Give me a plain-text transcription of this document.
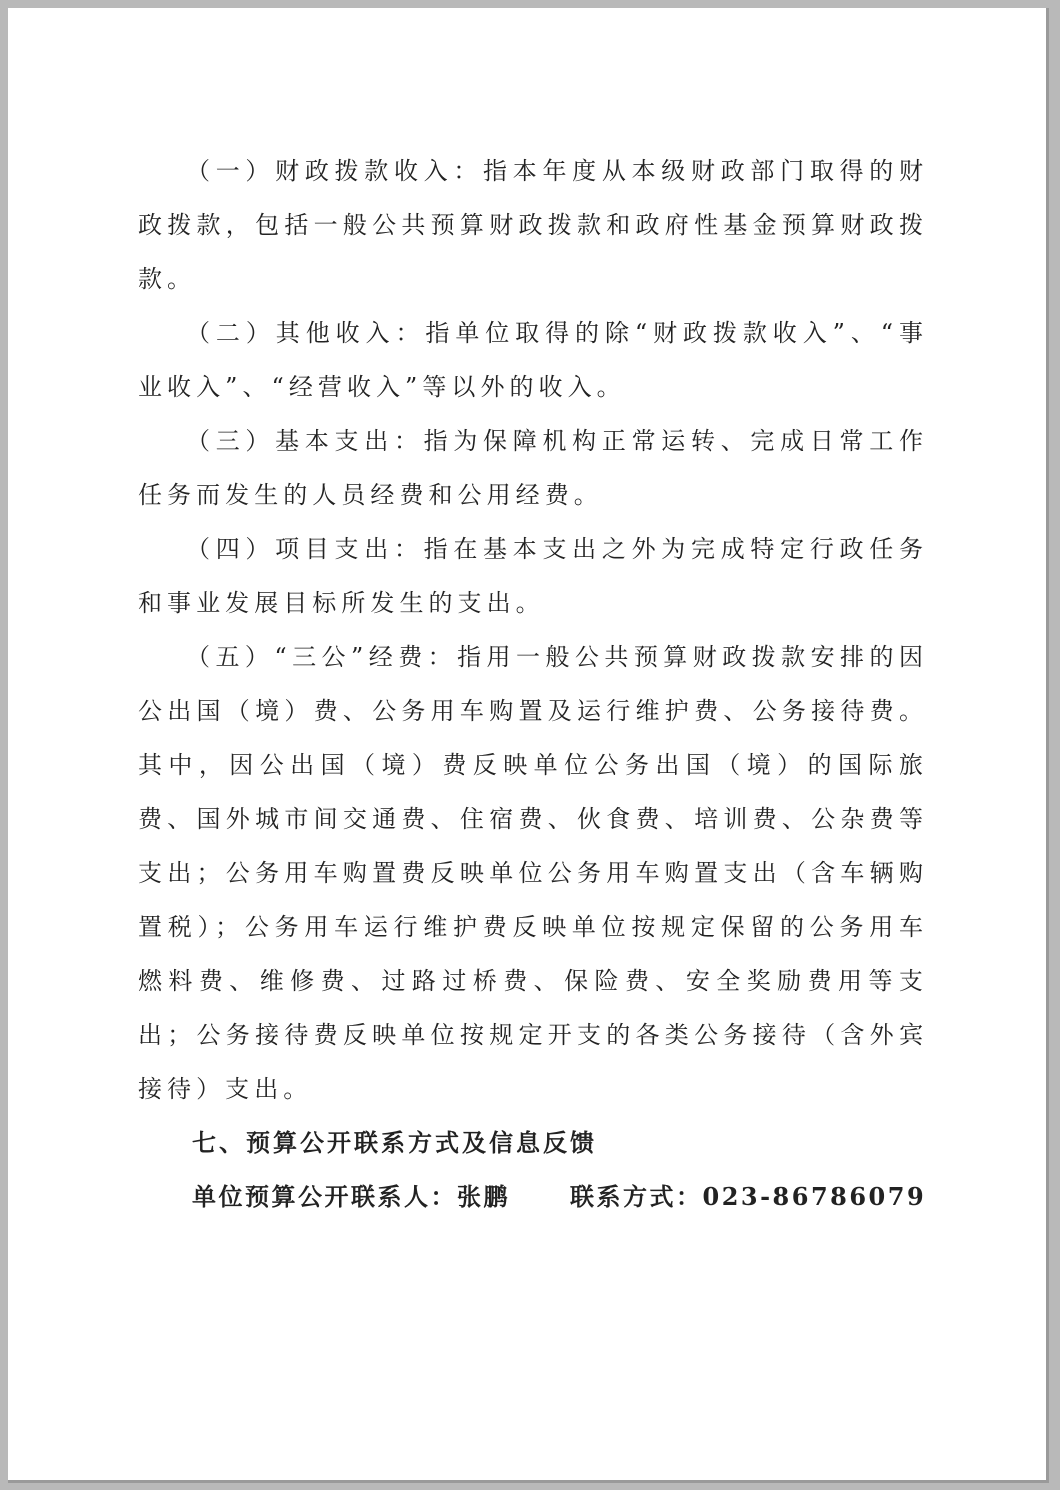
（一）财政拨款收入：指本年度从本级财政部门取得的财政拨款，包括一般公共预算财政拨款和政府性基金预算财政拨款。

（二）其他收入：指单位取得的除“财政拨款收入”、“事业收入”、“经营收入”等以外的收入。

（三）基本支出：指为保障机构正常运转、完成日常工作任务而发生的人员经费和公用经费。

（四）项目支出：指在基本支出之外为完成特定行政任务和事业发展目标所发生的支出。

（五）“三公”经费：指用一般公共预算财政拨款安排的因公出国（境）费、公务用车购置及运行维护费、公务接待费。其中，因公出国（境）费反映单位公务出国（境）的国际旅费、国外城市间交通费、住宿费、伙食费、培训费、公杂费等支出；公务用车购置费反映单位公务用车购置支出（含车辆购置税）；公务用车运行维护费反映单位按规定保留的公务用车燃料费、维修费、过路过桥费、保险费、安全奖励费用等支出；公务接待费反映单位按规定开支的各类公务接待（含外宾接待）支出。

七、预算公开联系方式及信息反馈

单位预算公开联系人：张鹏	联系方式：023-86786079
